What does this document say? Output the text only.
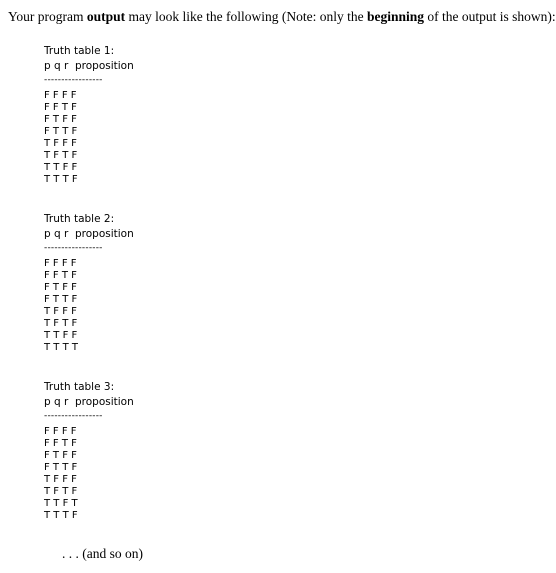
Your program output may look like the following (Note: only the beginning of the output is shown):
Truth table 1:
p q r  proposition
-----------------
F F F F
F F T F
F T F F
F T T F
T F F F
T F T F
T T F F
T T T F
Truth table 2:
p q r  proposition
-----------------
F F F F
F F T F
F T F F
F T T F
T F F F
T F T F
T T F F
T T T T
Truth table 3:
p q r  proposition
-----------------
F F F F
F F T F
F T F F
F T T F
T F F F
T F T F
T T F T
T T T F
. . . (and so on)
